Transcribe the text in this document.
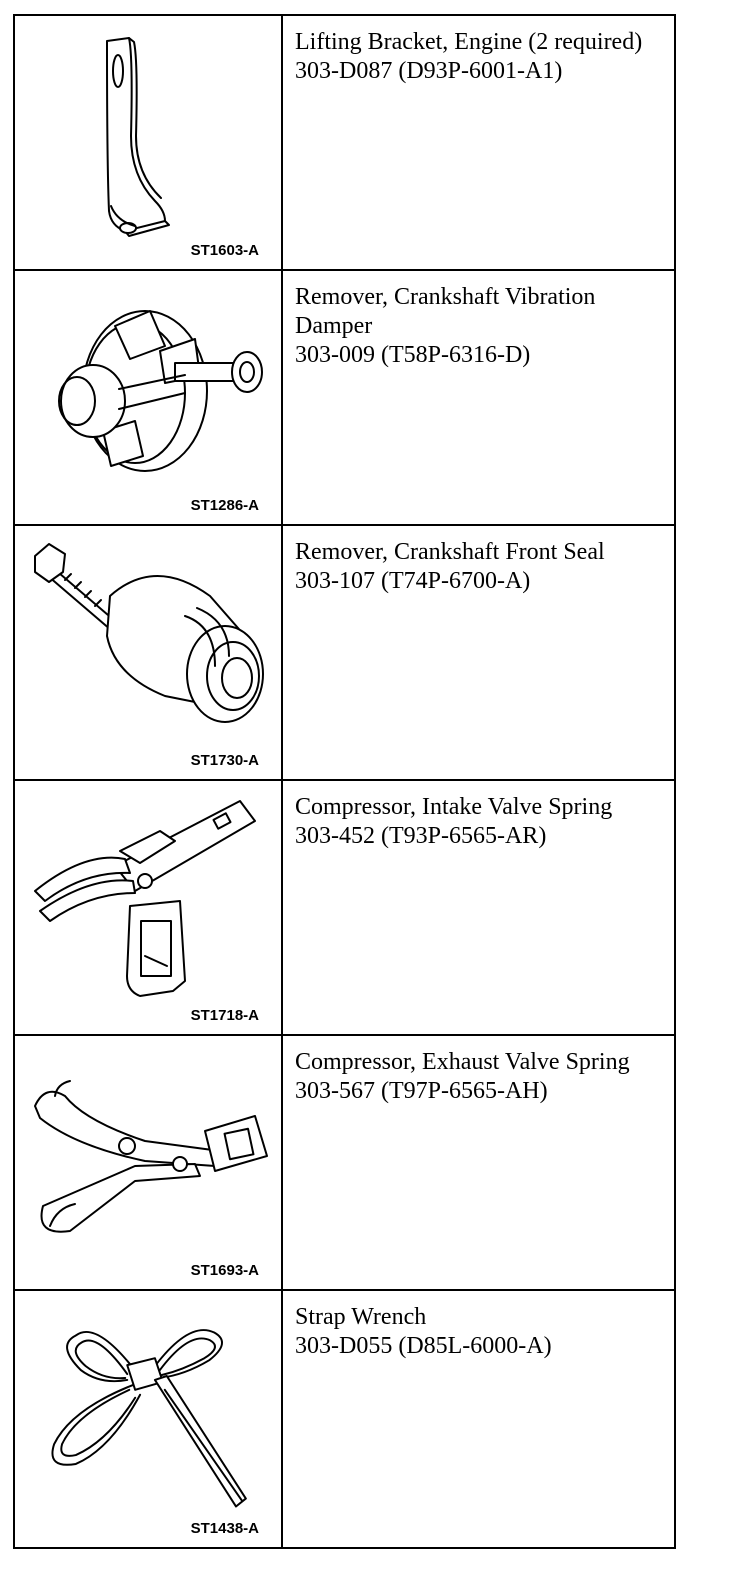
ST1603-A	Lifting Bracket, Engine (2 required)
303-D087 (D93P-6001-A1)

ST1286-A	Remover, Crankshaft Vibration Damper
303-009 (T58P-6316-D)

ST1730-A	Remover, Crankshaft Front Seal
303-107 (T74P-6700-A)

ST1718-A	Compressor, Intake Valve Spring
303-452 (T93P-6565-AR)

ST1693-A	Compressor, Exhaust Valve Spring
303-567 (T97P-6565-AH)

ST1438-A	Strap Wrench
303-D055 (D85L-6000-A)
